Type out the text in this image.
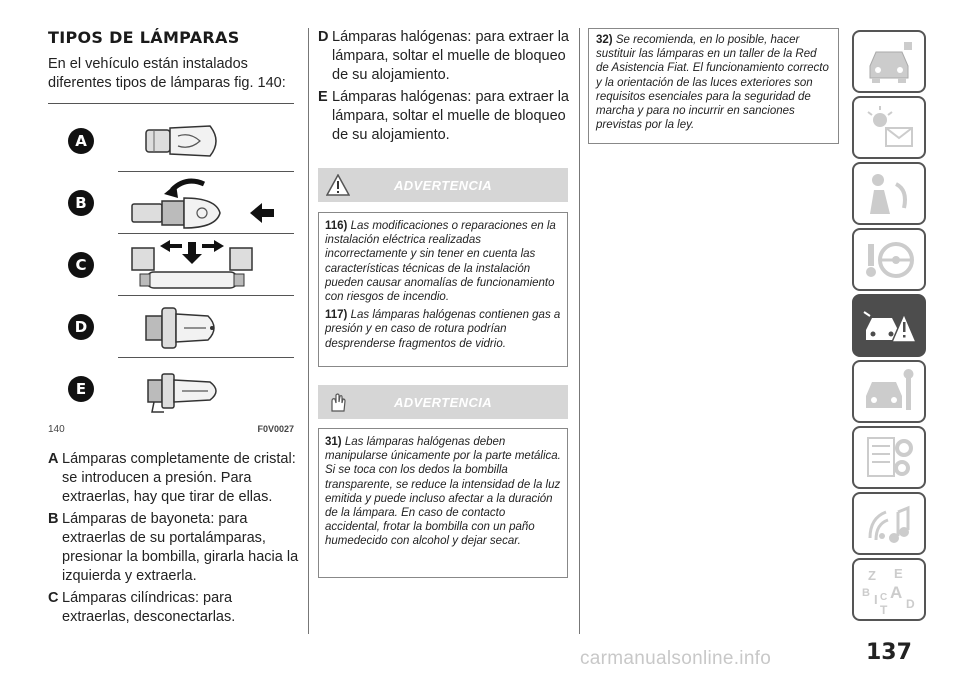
TIPOS DE LÁMPARAS
En el vehículo están instalados diferentes tipos de lámparas fig. 140:
A
B
C
D
E
140	F0V0027
A Lámparas completamente de cristal: se introducen a presión. Para extraerlas, hay que tirar de ellas.
B Lámparas de bayoneta: para extraerlas de su portalámparas, presionar la bombilla, girarla hacia la izquierda y extraerla.
C Lámparas cilíndricas: para extraerlas, desconectarlas.
D Lámparas halógenas: para extraer la lámpara, soltar el muelle de bloqueo de su alojamiento.
E Lámparas halógenas: para extraer la lámpara, soltar el muelle de bloqueo de su alojamiento.
ADVERTENCIA

116) Las modificaciones o reparaciones en la instalación eléctrica realizadas incorrectamente y sin tener en cuenta las características técnicas de la instalación pueden causar anomalías de funcionamiento con riesgos de incendio.

117) Las lámparas halógenas contienen gas a presión y en caso de rotura podrían desprenderse fragmentos de vidrio.

ADVERTENCIA

31) Las lámparas halógenas deben manipularse únicamente por la parte metálica. Si se toca con los dedos la bombilla transparente, se reduce la intensidad de la luz emitida y puede incluso afectar a la duración de la lámpara. En caso de contacto accidental, frotar la bombilla con un paño humedecido con alcohol y dejar secar.

32) Se recomienda, en lo posible, hacer sustituir las lámparas en un taller de la Red de Asistencia Fiat. El funcionamiento correcto y la orientación de las luces exteriores son requisitos esenciales para la seguridad de marcha y para no incurrir en sanciones previstas por la ley.
Z E
B A
I C
T D
carmanualsonline.info	137
